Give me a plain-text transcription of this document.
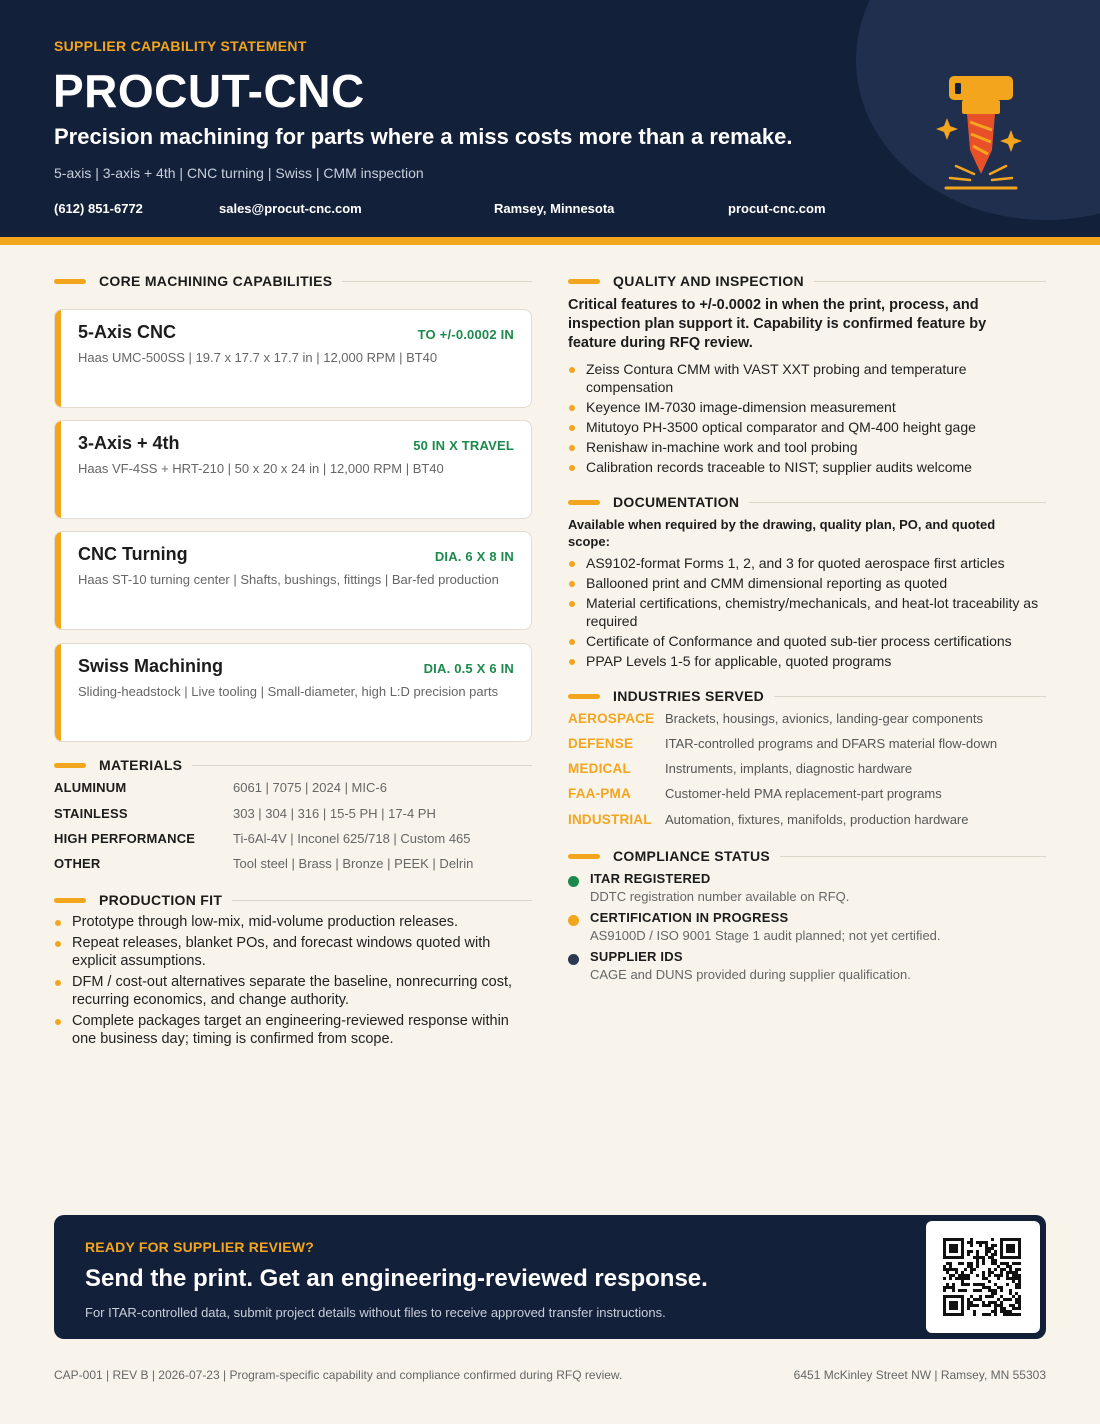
SUPPLIER CAPABILITY STATEMENT
PROCUT-CNC
Precision machining for parts where a miss costs more than a remake.
5-axis | 3-axis + 4th | CNC turning | Swiss | CMM inspection
(612) 851-6772	sales@procut-cnc.com	Ramsey, Minnesota	procut-cnc.com
CORE MACHINING CAPABILITIES
5-Axis CNC	TO +/-0.0002 IN
Haas UMC-500SS | 19.7 x 17.7 x 17.7 in | 12,000 RPM | BT40
3-Axis + 4th	50 IN X TRAVEL
Haas VF-4SS + HRT-210 | 50 x 20 x 24 in | 12,000 RPM | BT40
CNC Turning	DIA. 6 X 8 IN
Haas ST-10 turning center | Shafts, bushings, fittings | Bar-fed production
Swiss Machining	DIA. 0.5 X 6 IN
Sliding-headstock | Live tooling | Small-diameter, high L:D precision parts
MATERIALS
ALUMINUM	6061 | 7075 | 2024 | MIC-6
STAINLESS	303 | 304 | 316 | 15-5 PH | 17-4 PH
HIGH PERFORMANCE	Ti-6Al-4V | Inconel 625/718 | Custom 465
OTHER	Tool steel | Brass | Bronze | PEEK | Delrin
PRODUCTION FIT
Prototype through low-mix, mid-volume production releases.
Repeat releases, blanket POs, and forecast windows quoted with explicit assumptions.
DFM / cost-out alternatives separate the baseline, nonrecurring cost, recurring economics, and change authority.
Complete packages target an engineering-reviewed response within one business day; timing is confirmed from scope.
QUALITY AND INSPECTION
Critical features to +/-0.0002 in when the print, process, and inspection plan support it. Capability is confirmed feature by feature during RFQ review.
Zeiss Contura CMM with VAST XXT probing and temperature compensation
Keyence IM-7030 image-dimension measurement
Mitutoyo PH-3500 optical comparator and QM-400 height gage
Renishaw in-machine work and tool probing
Calibration records traceable to NIST; supplier audits welcome
DOCUMENTATION
Available when required by the drawing, quality plan, PO, and quoted scope:
AS9102-format Forms 1, 2, and 3 for quoted aerospace first articles
Ballooned print and CMM dimensional reporting as quoted
Material certifications, chemistry/mechanicals, and heat-lot traceability as required
Certificate of Conformance and quoted sub-tier process certifications
PPAP Levels 1-5 for applicable, quoted programs
INDUSTRIES SERVED
AEROSPACE Brackets, housings, avionics, landing-gear components
DEFENSE ITAR-controlled programs and DFARS material flow-down
MEDICAL	Instruments, implants, diagnostic hardware
FAA-PMA	Customer-held PMA replacement-part programs
INDUSTRIAL Automation, fixtures, manifolds, production hardware
COMPLIANCE STATUS
ITAR REGISTERED
DDTC registration number available on RFQ.
CERTIFICATION IN PROGRESS
AS9100D / ISO 9001 Stage 1 audit planned; not yet certified.
SUPPLIER IDS
CAGE and DUNS provided during supplier qualification.
READY FOR SUPPLIER REVIEW?
Send the print. Get an engineering-reviewed response.
For ITAR-controlled data, submit project details without files to receive approved transfer instructions.
CAP-001 | REV B | 2026-07-23 | Program-specific capability and compliance confirmed during RFQ review.	6451 McKinley Street NW | Ramsey, MN 55303
